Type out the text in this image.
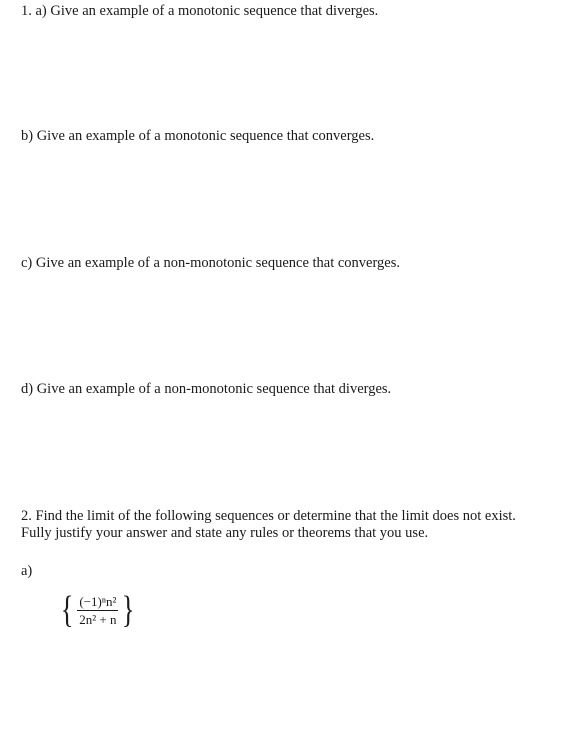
1. a) Give an example of a monotonic sequence that diverges.
b) Give an example of a monotonic sequence that converges.
c) Give an example of a non-monotonic sequence that converges.
d) Give an example of a non-monotonic sequence that diverges.
2. Find the limit of the following sequences or determine that the limit does not exist.
Fully justify your answer and state any rules or theorems that you use.
a)
{ $\frac{\text{(−1)ⁿn²}}{\text{2n² + n}}$ }
